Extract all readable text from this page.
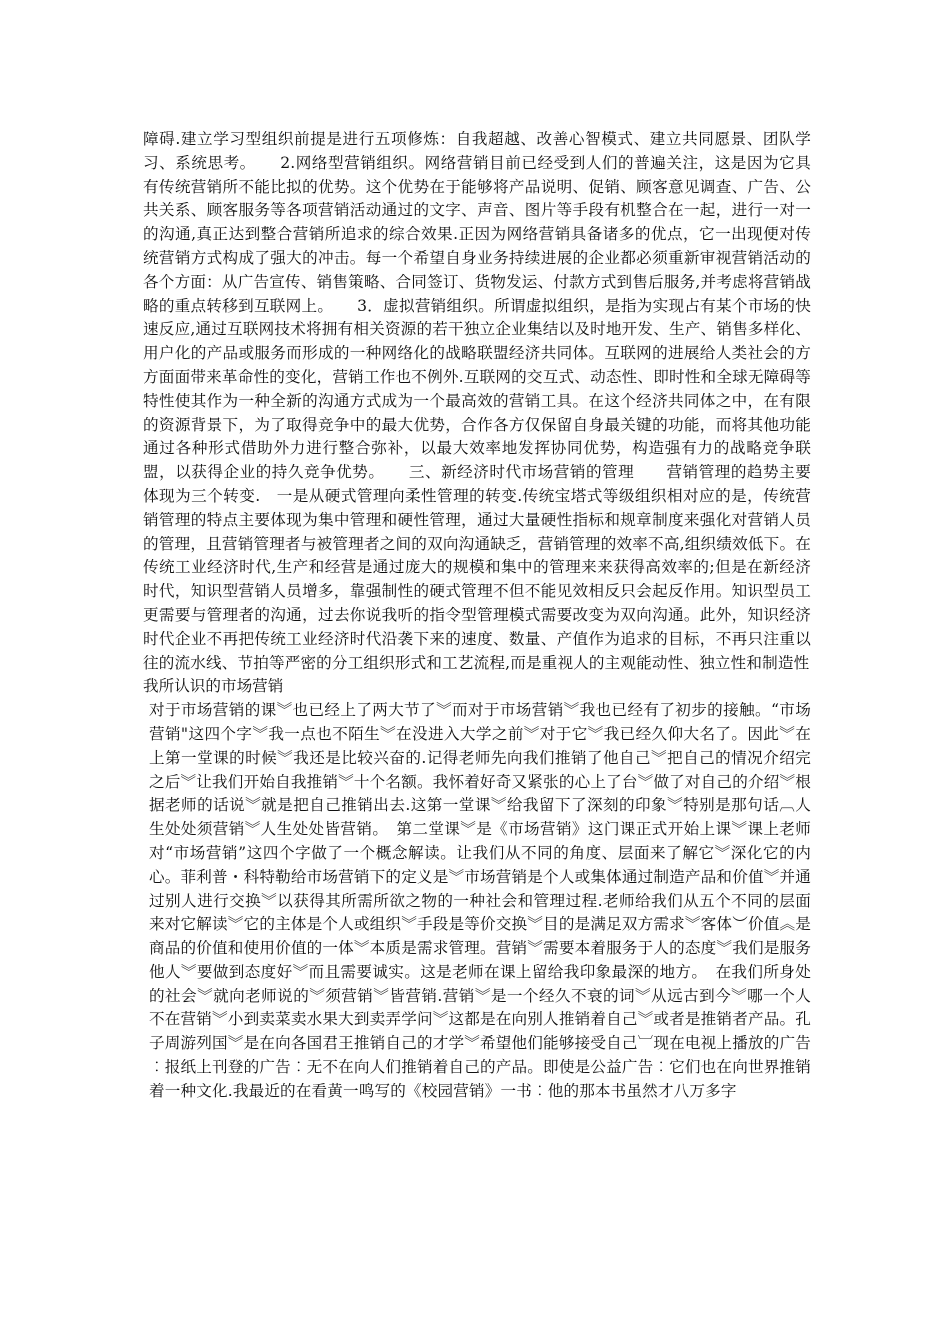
障碍.建立学习型组织前提是进行五项修炼：自我超越、改善心智模式、建立共同愿景、团队学习、系统思考。　　2.网络型营销组织。网络营销目前已经受到人们的普遍关注，这是因为它具有传统营销所不能比拟的优势。这个优势在于能够将产品说明、促销、顾客意见调查、广告、公共关系、顾客服务等各项营销活动通过的文字、声音、图片等手段有机整合在一起，进行一对一的沟通,真正达到整合营销所追求的综合效果.正因为网络营销具备诸多的优点，它一出现便对传统营销方式构成了强大的冲击。每一个希望自身业务持续进展的企业都必须重新审视营销活动的各个方面：从广告宣传、销售策略、合同签订、货物发运、付款方式到售后服务,并考虑将营销战略的重点转移到互联网上。　　3．虚拟营销组织。所谓虚拟组织，是指为实现占有某个市场的快速反应,通过互联网技术将拥有相关资源的若干独立企业集结以及时地开发、生产、销售多样化、用户化的产品或服务而形成的一种网络化的战略联盟经济共同体。互联网的进展给人类社会的方方面面带来革命性的变化，营销工作也不例外.互联网的交互式、动态性、即时性和全球无障碍等特性使其作为一种全新的沟通方式成为一个最高效的营销工具。在这个经济共同体之中，在有限的资源背景下，为了取得竞争中的最大优势，合作各方仅保留自身最关键的功能，而将其他功能通过各种形式借助外力进行整合弥补，以最大效率地发挥协同优势，构造强有力的战略竞争联盟，以获得企业的持久竞争优势。　　三、新经济时代市场营销的管理　　营销管理的趋势主要体现为三个转变.　一是从硬式管理向柔性管理的转变.传统宝塔式等级组织相对应的是，传统营销管理的特点主要体现为集中管理和硬性管理，通过大量硬性指标和规章制度来强化对营销人员的管理，且营销管理者与被管理者之间的双向沟通缺乏，营销管理的效率不高,组织绩效低下。在传统工业经济时代,生产和经营是通过庞大的规模和集中的管理来来获得高效率的;但是在新经济时代，知识型营销人员增多，靠强制性的硬式管理不但不能见效相反只会起反作用。知识型员工更需要与管理者的沟通，过去你说我听的指令型管理模式需要改变为双向沟通。此外，知识经济时代企业不再把传统工业经济时代沿袭下来的速度、数量、产值作为追求的目标，不再只注重以往的流水线、节拍等严密的分工组织形式和工艺流程,而是重视人的主观能动性、独立性和制造性

我所认识的市场营销

对于市场营销的课︾也已经上了两大节了︾而对于市场营销︾我也已经有了初步的接触。“市场营销"这四个字︾我一点也不陌生︾在没进入大学之前︾对于它︾我已经久仰大名了。因此︾在上第一堂课的时候︾我还是比较兴奋的.记得老师先向我们推销了他自己︾把自己的情况介绍完之后︾让我们开始自我推销︾十个名额。我怀着好奇又紧张的心上了台︾做了对自己的介绍︾根据老师的话说︾就是把自己推销出去.这第一堂课︾给我留下了深刻的印象︾特别是那句话︹人生处处须营销︾人生处处皆营销。　第二堂课︾是《市场营销》这门课正式开始上课︾课上老师对“市场营销”这四个字做了一个概念解读。让我们从不同的角度、层面来了解它︾深化它的内心。菲利普・科特勒给市场营销下的定义是︾市场营销是个人或集体通过制造产品和价值︾并通过别人进行交换︾以获得其所需所欲之物的一种社会和管理过程.老师给我们从五个不同的层面来对它解读︾它的主体是个人或组织︾手段是等价交换︾目的是满足双方需求︾客体︶价值︽是商品的价值和使用价值的一体︾本质是需求管理。营销︾需要本着服务于人的态度︾我们是服务他人︾要做到态度好︾而且需要诚实。这是老师在课上留给我印象最深的地方。　在我们所身处的社会︾就向老师说的︾须营销︾皆营销.营销︾是一个经久不衰的词︾从远古到今︾哪一个人不在营销︾小到卖菜卖水果大到卖弄学问︾这都是在向别人推销着自己︾或者是推销者产品。孔子周游列国︾是在向各国君王推销自己的才学︾希望他们能够接受自己︺现在电视上播放的广告︰报纸上刊登的广告︰无不在向人们推销着自己的产品。即使是公益广告︰它们也在向世界推销着一种文化.我最近的在看黄一鸣写的《校园营销》一书︰他的那本书虽然才八万多字
